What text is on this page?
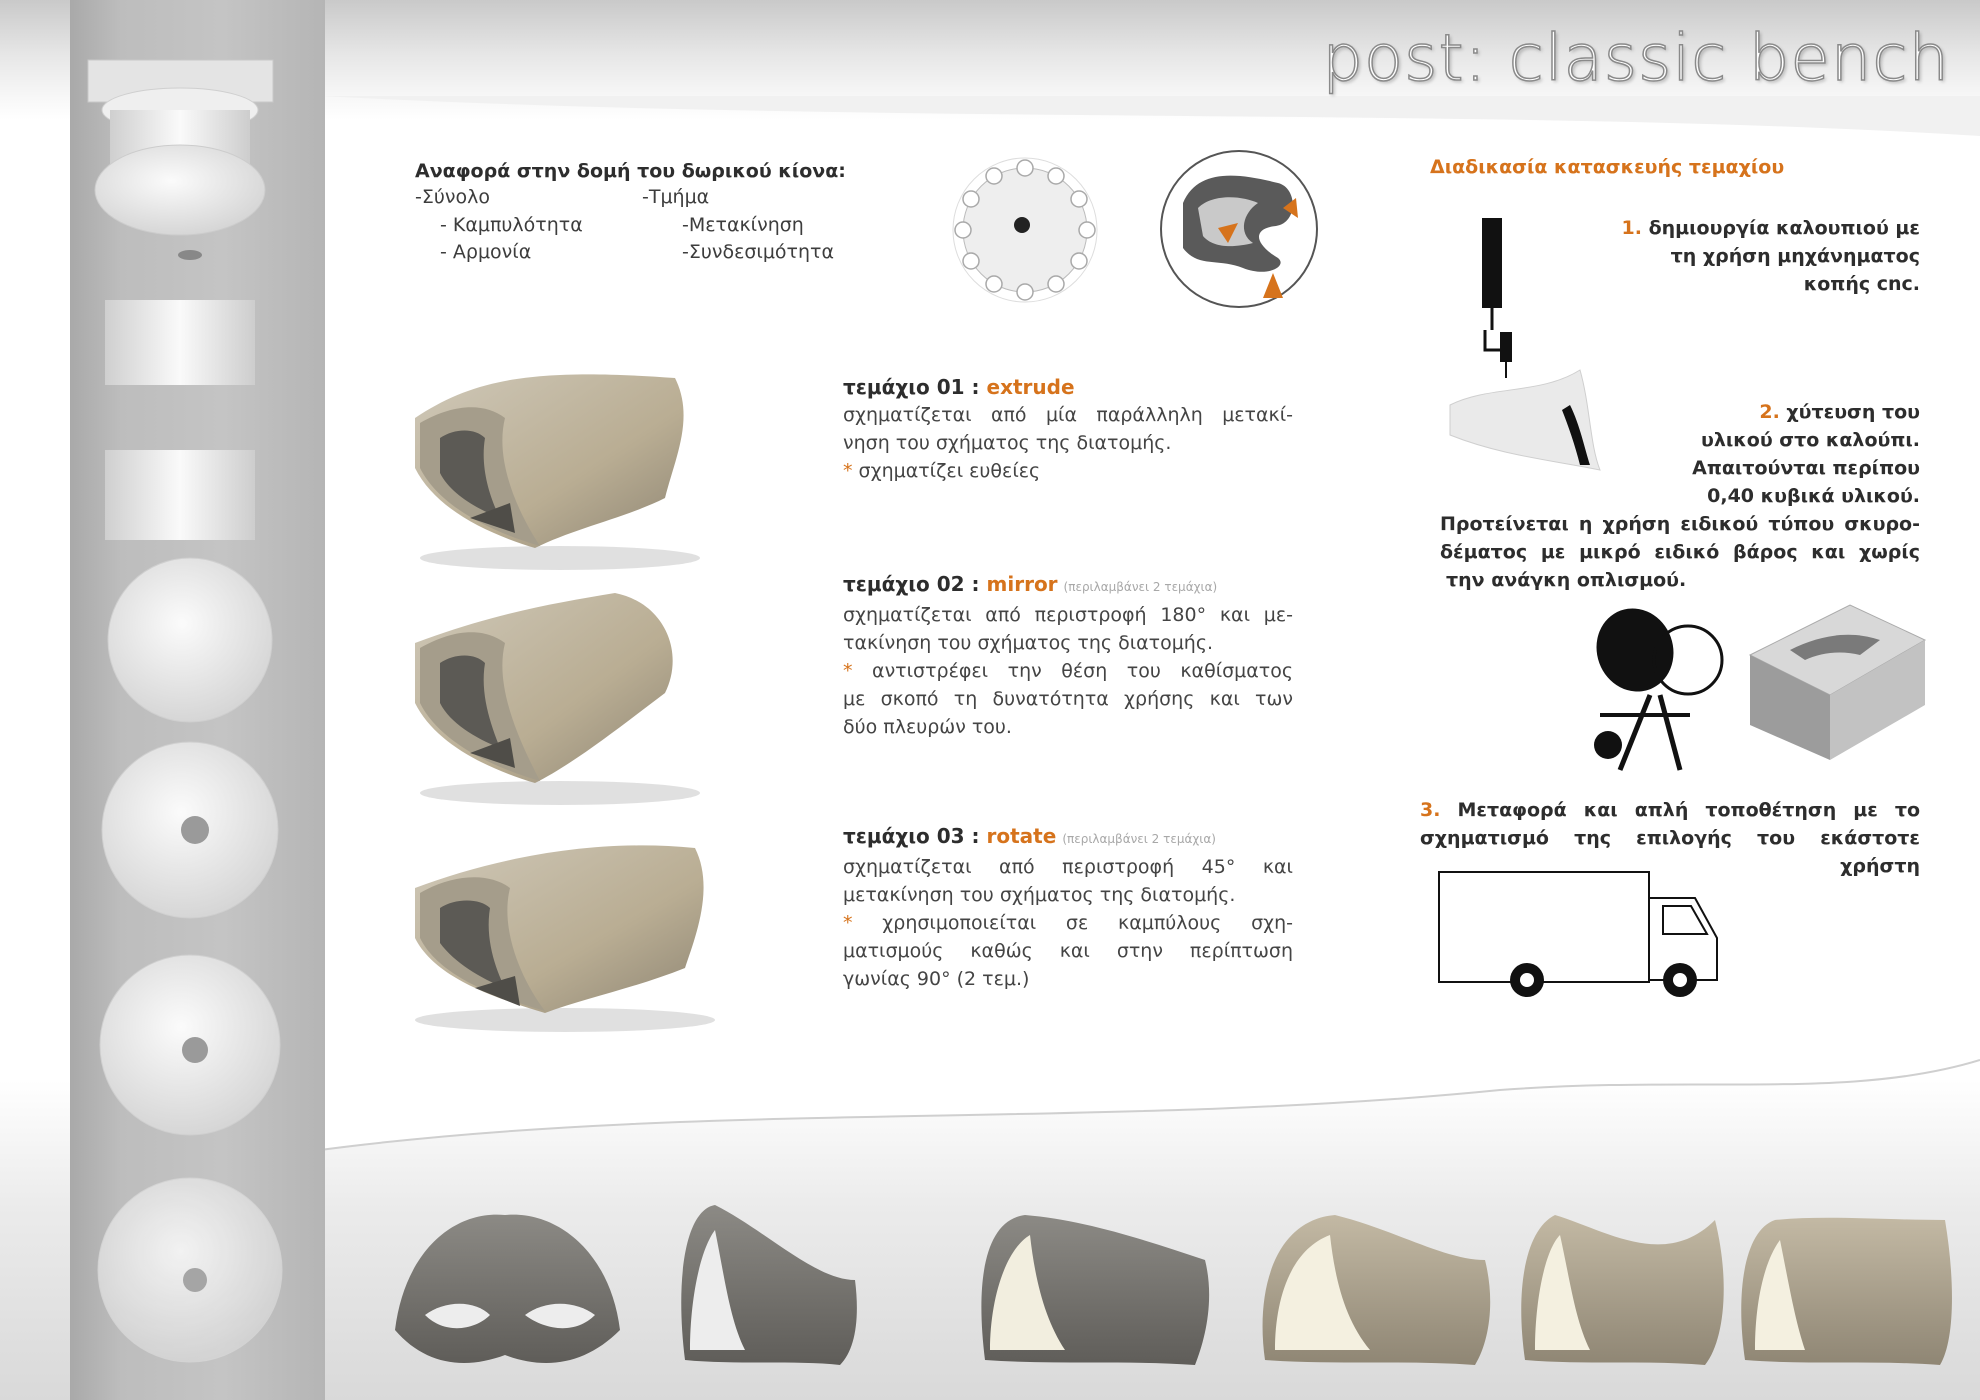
post: classic bench
Αναφορά στην δομή του δωρικού κίονα:
-Σύνολο
- Καμπυλότητα
- Αρμονία
-Τμήμα
-Μετακίνηση
-Συνδεσιμότητα
τεμάχιο 01 : extrude
σχηματίζεται από μία παράλληλη μετακί-
νηση του σχήματος της διατομής.
* σχηματίζει ευθείες
τεμάχιο 02 : mirror (περιλαμβάνει 2 τεμάχια)
σχηματίζεται από περιστροφή 180° και με-
τακίνηση του σχήματος της διατομής.
* αντιστρέφει την θέση του καθίσματος
με σκοπό τη δυνατότητα χρήσης και των
δύο πλευρών του.
τεμάχιο 03 : rotate (περιλαμβάνει 2 τεμάχια)
σχηματίζεται από περιστροφή 45° και
μετακίνηση του σχήματος της διατομής.
* χρησιμοποιείται σε καμπύλους σχη-
ματισμούς καθώς και στην περίπτωση
γωνίας 90° (2 τεμ.)
Διαδικασία κατασκευής τεμαχίου
1. δημιουργία καλουπιού με
τη χρήση μηχάνηματος
κοπής cnc.
2. χύτευση του
υλικού στο καλούπι.
Απαιτούνται περίπου
0,40 κυβικά υλικού.
Προτείνεται η χρήση ειδικού τύπου σκυρο-
δέματος με μικρό ειδικό βάρος και χωρίς
την ανάγκη οπλισμού.
3. Μεταφορά και απλή τοποθέτηση με το
σχηματισμό της επιλογής του εκάστοτε
χρήστη
